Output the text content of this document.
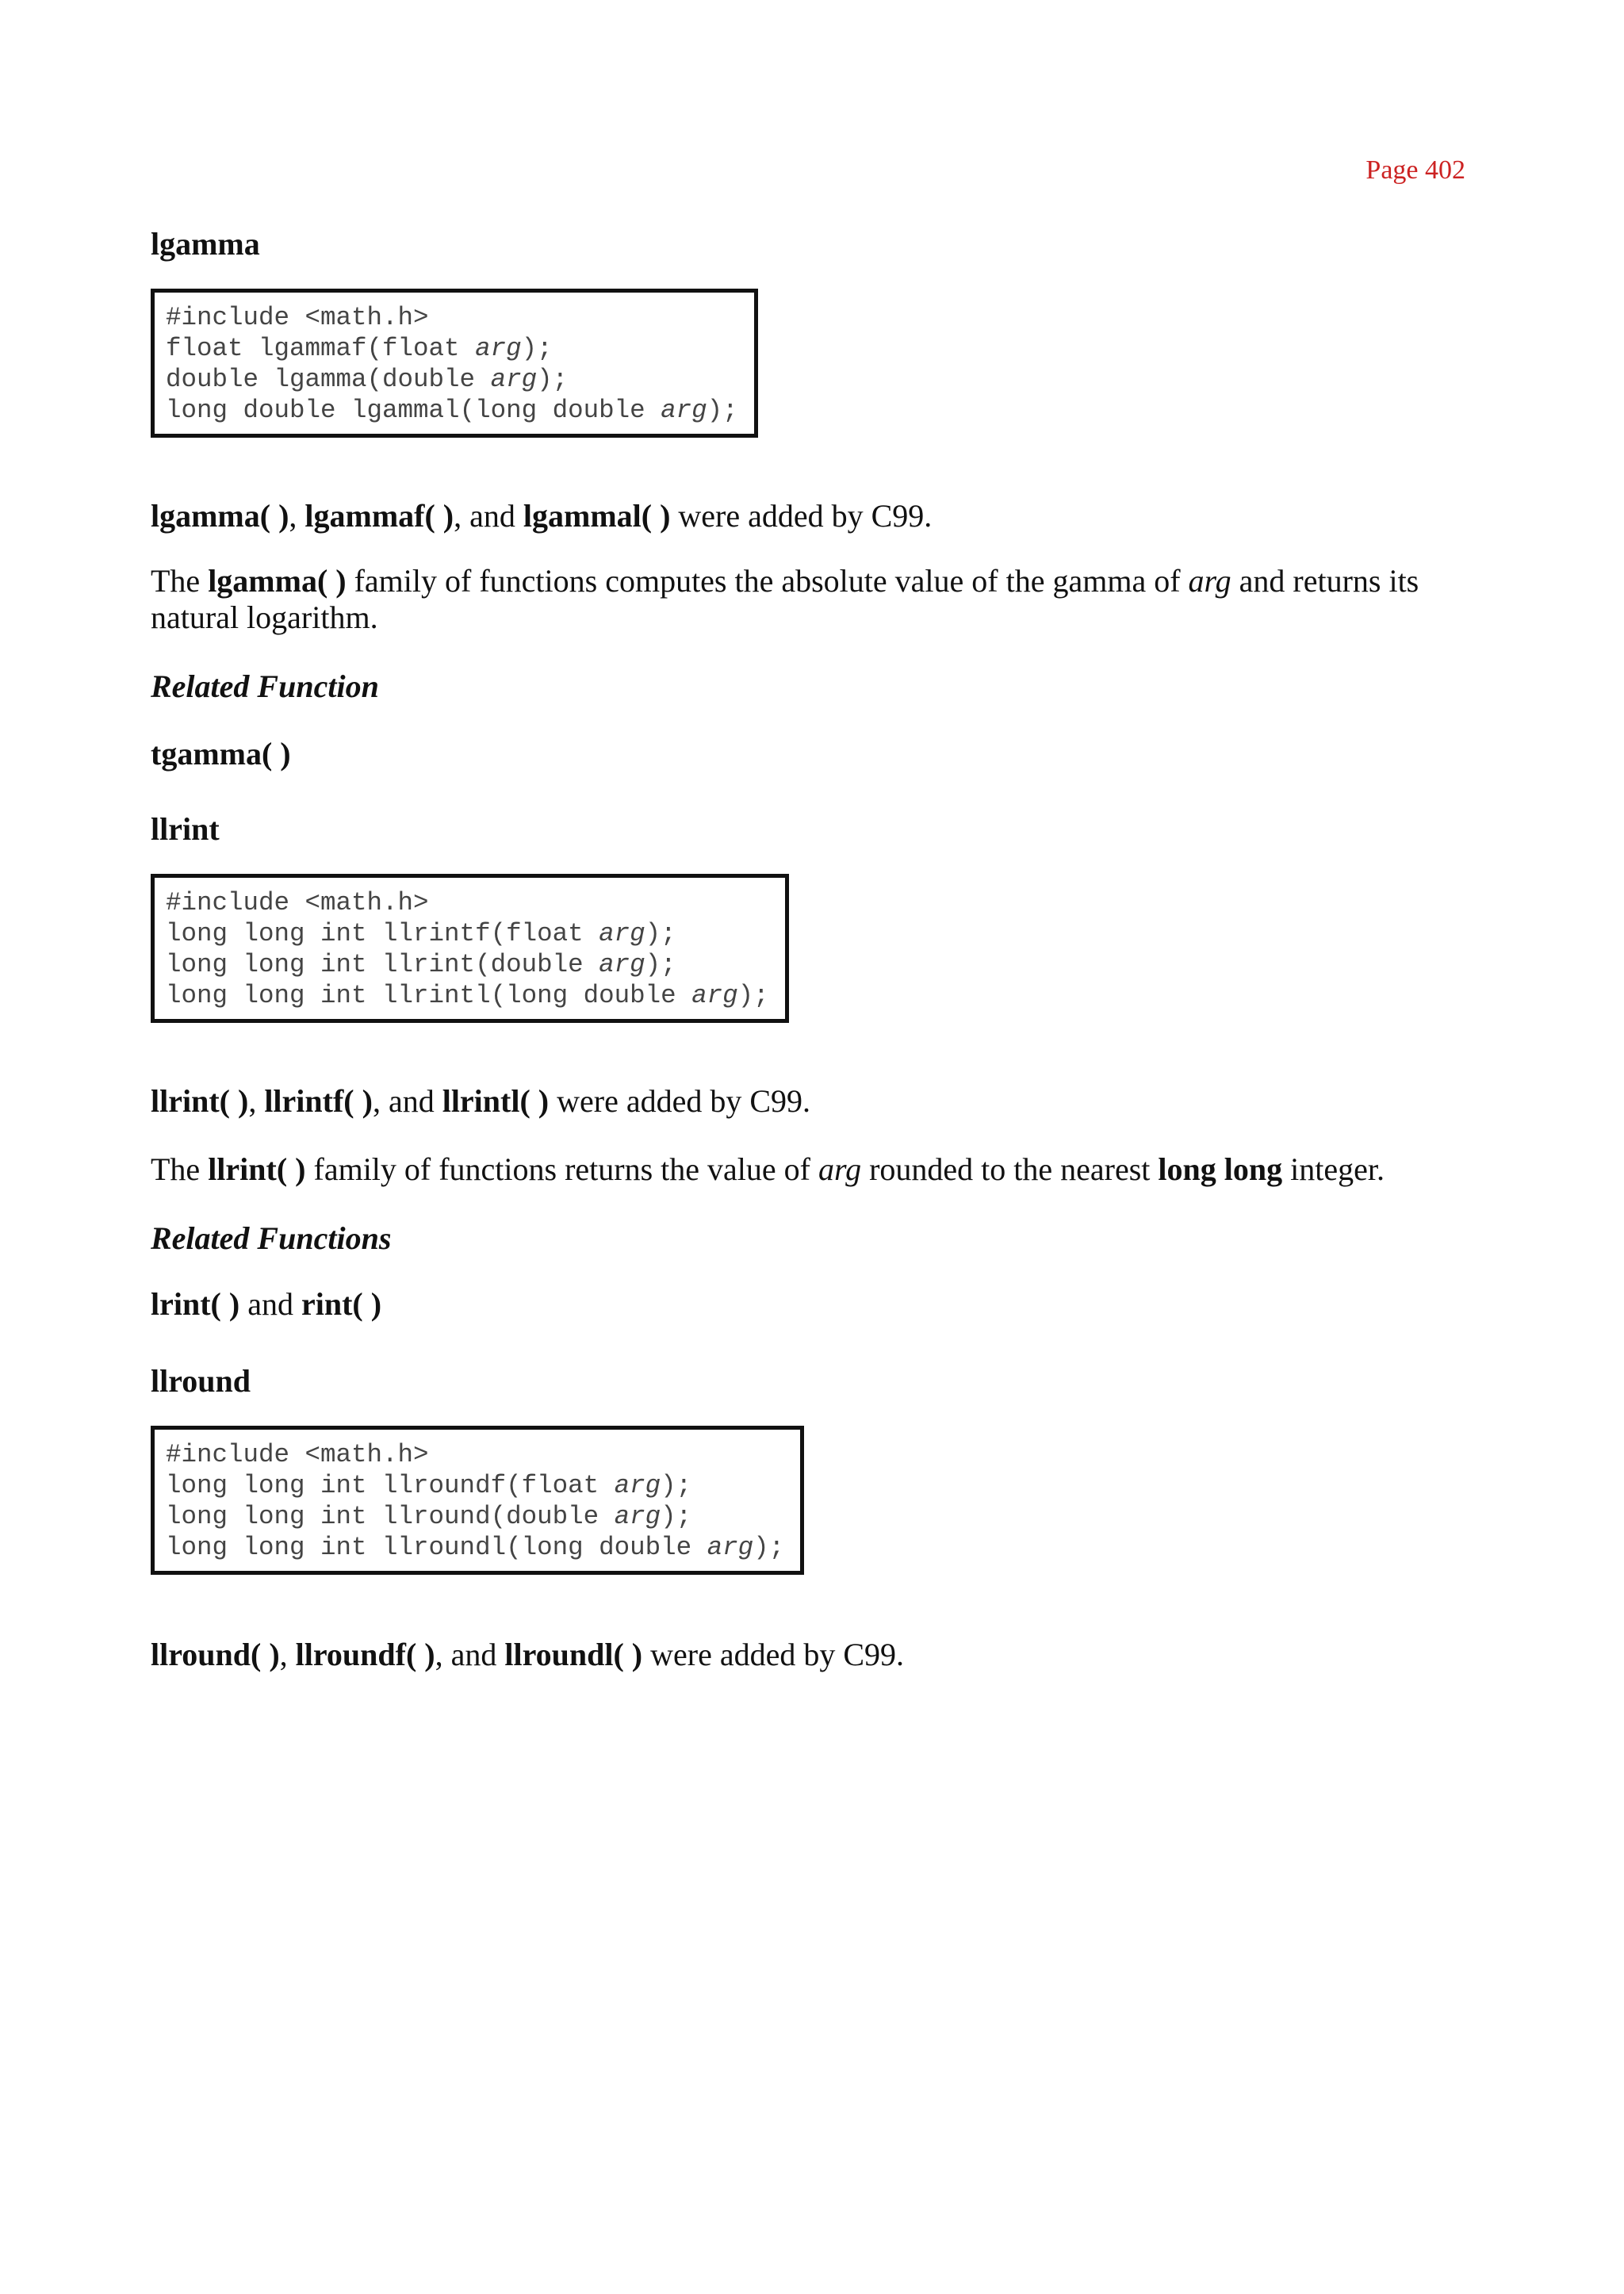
Page 402
lgamma
#include <math.h>
float lgammaf(float arg);
double lgamma(double arg);
long double lgammal(long double arg);

lgamma( ), lgammaf( ), and lgammal( ) were added by C99.

The lgamma( ) family of functions computes the absolute value of the gamma of arg and returns its natural logarithm.

Related Function

tgamma( )

llrint
#include <math.h>
long long int llrintf(float arg);
long long int llrint(double arg);
long long int llrintl(long double arg);

llrint( ), llrintf( ), and llrintl( ) were added by C99.

The llrint( ) family of functions returns the value of arg rounded to the nearest long long integer.

Related Functions

lrint( ) and rint( )

llround
#include <math.h>
long long int llroundf(float arg);
long long int llround(double arg);
long long int llroundl(long double arg);

llround( ), llroundf( ), and llroundl( ) were added by C99.
